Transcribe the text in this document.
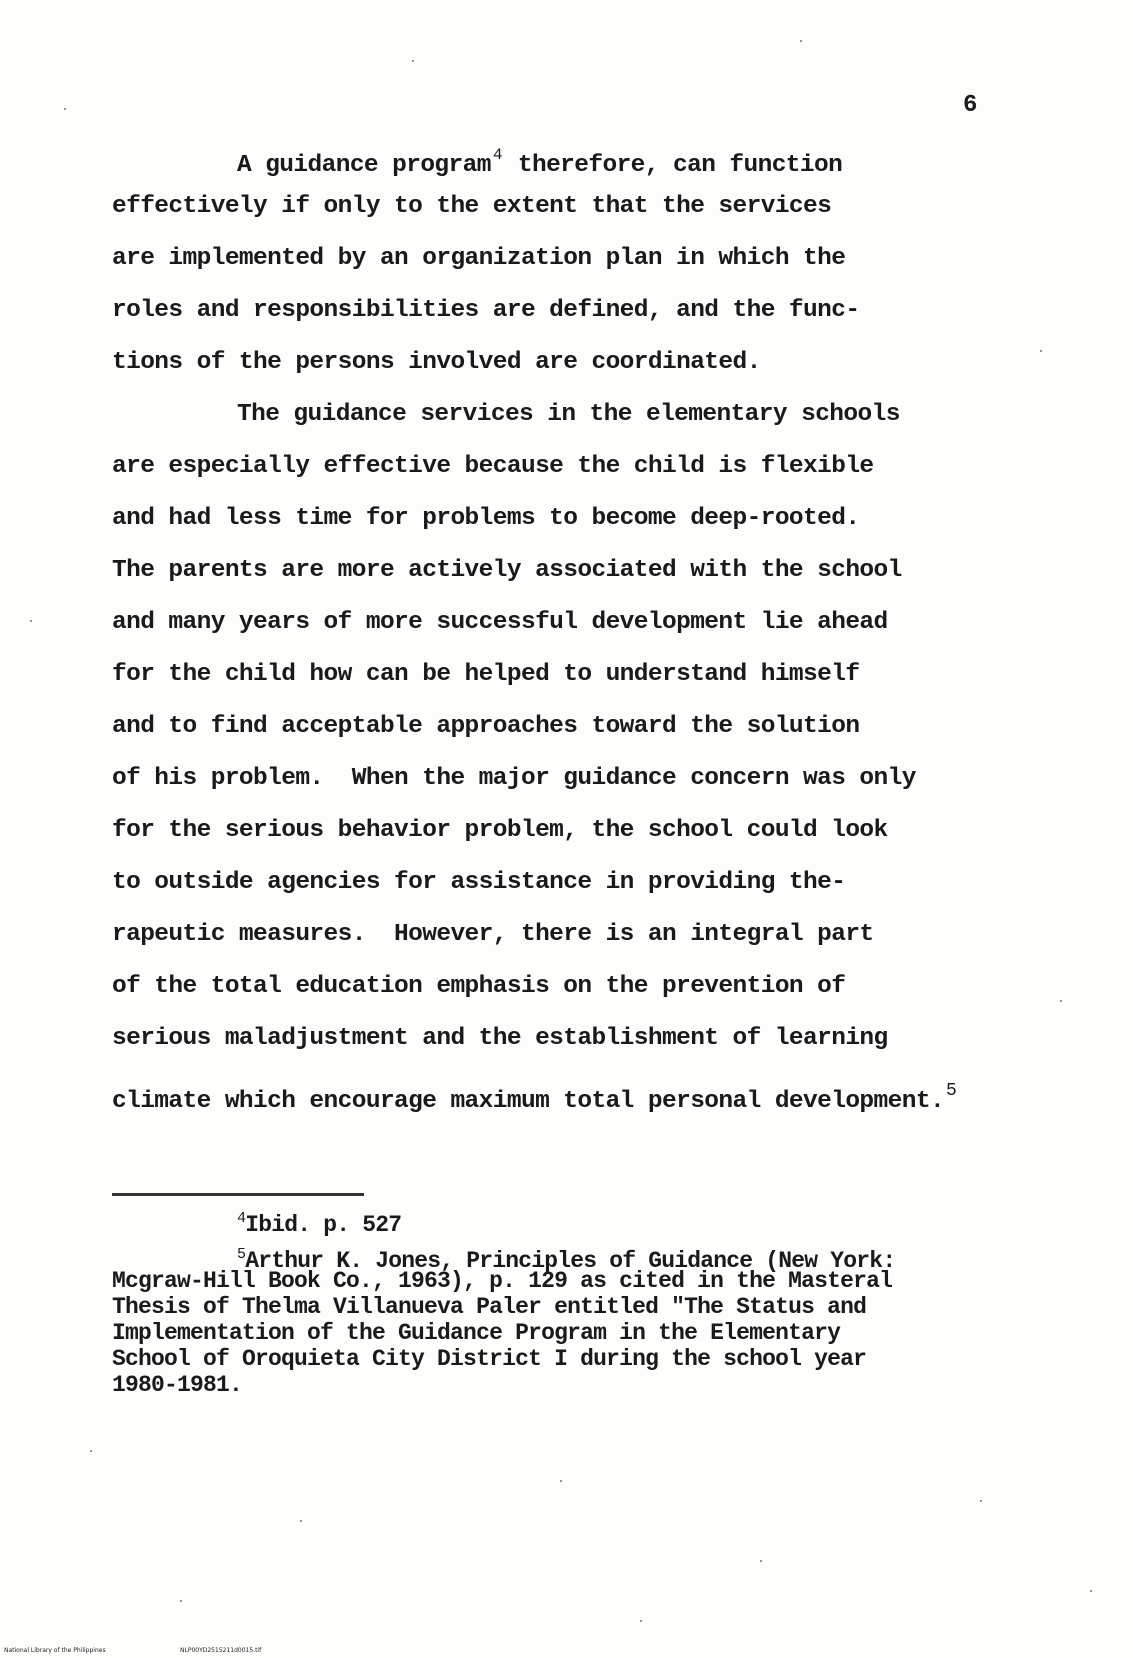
6
A guidance program $^4$ therefore, can function
effectively if only to the extent that the services
are implemented by an organization plan in which the
roles and responsibilities are defined, and the func-
tions of the persons involved are coordinated.
The guidance services in the elementary schools
are especially effective because the child is flexible
and had less time for problems to become deep-rooted.
The parents are more actively associated with the school
and many years of more successful development lie ahead
for the child how can be helped to understand himself
and to find acceptable approaches toward the solution
of his problem.  When the major guidance concern was only
for the serious behavior problem, the school could look
to outside agencies for assistance in providing the-
rapeutic measures.  However, there is an integral part
of the total education emphasis on the prevention of
serious maladjustment and the establishment of learning
climate which encourage maximum total personal development. $^5$
$^4$Ibid. p. 527
$^5$Arthur K. Jones, Principles of Guidance (New York:
Mcgraw-Hill Book Co., 1963), p. 129 as cited in the Masteral
Thesis of Thelma Villanueva Paler entitled "The Status and
Implementation of the Guidance Program in the Elementary
School of Oroquieta City District I during the school year
1980-1981.
National Library of the Philippines	NLP00YD2515211d0015.tif
